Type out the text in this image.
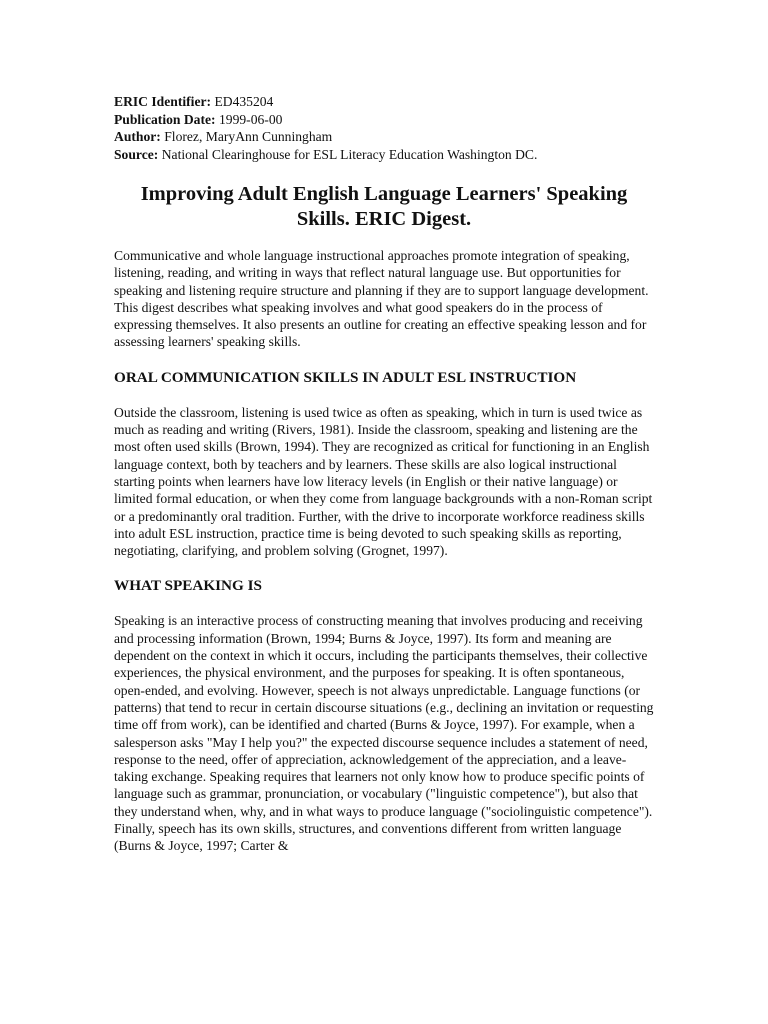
ERIC Identifier: ED435204
Publication Date: 1999-06-00
Author: Florez, MaryAnn Cunningham
Source: National Clearinghouse for ESL Literacy Education Washington DC.
Improving Adult English Language Learners' Speaking Skills. ERIC Digest.

Communicative and whole language instructional approaches promote integration of speaking, listening, reading, and writing in ways that reflect natural language use. But opportunities for speaking and listening require structure and planning if they are to support language development. This digest describes what speaking involves and what good speakers do in the process of expressing themselves. It also presents an outline for creating an effective speaking lesson and for assessing learners' speaking skills.

ORAL COMMUNICATION SKILLS IN ADULT ESL INSTRUCTION

Outside the classroom, listening is used twice as often as speaking, which in turn is used twice as much as reading and writing (Rivers, 1981). Inside the classroom, speaking and listening are the most often used skills (Brown, 1994). They are recognized as critical for functioning in an English language context, both by teachers and by learners. These skills are also logical instructional starting points when learners have low literacy levels (in English or their native language) or limited formal education, or when they come from language backgrounds with a non-Roman script or a predominantly oral tradition. Further, with the drive to incorporate workforce readiness skills into adult ESL instruction, practice time is being devoted to such speaking skills as reporting, negotiating, clarifying, and problem solving (Grognet, 1997).

WHAT SPEAKING IS

Speaking is an interactive process of constructing meaning that involves producing and receiving and processing information (Brown, 1994; Burns & Joyce, 1997). Its form and meaning are dependent on the context in which it occurs, including the participants themselves, their collective experiences, the physical environment, and the purposes for speaking. It is often spontaneous, open-ended, and evolving. However, speech is not always unpredictable. Language functions (or patterns) that tend to recur in certain discourse situations (e.g., declining an invitation or requesting time off from work), can be identified and charted (Burns & Joyce, 1997). For example, when a salesperson asks "May I help you?" the expected discourse sequence includes a statement of need, response to the need, offer of appreciation, acknowledgement of the appreciation, and a leave-taking exchange. Speaking requires that learners not only know how to produce specific points of language such as grammar, pronunciation, or vocabulary ("linguistic competence"), but also that they understand when, why, and in what ways to produce language ("sociolinguistic competence"). Finally, speech has its own skills, structures, and conventions different from written language (Burns & Joyce, 1997; Carter &
